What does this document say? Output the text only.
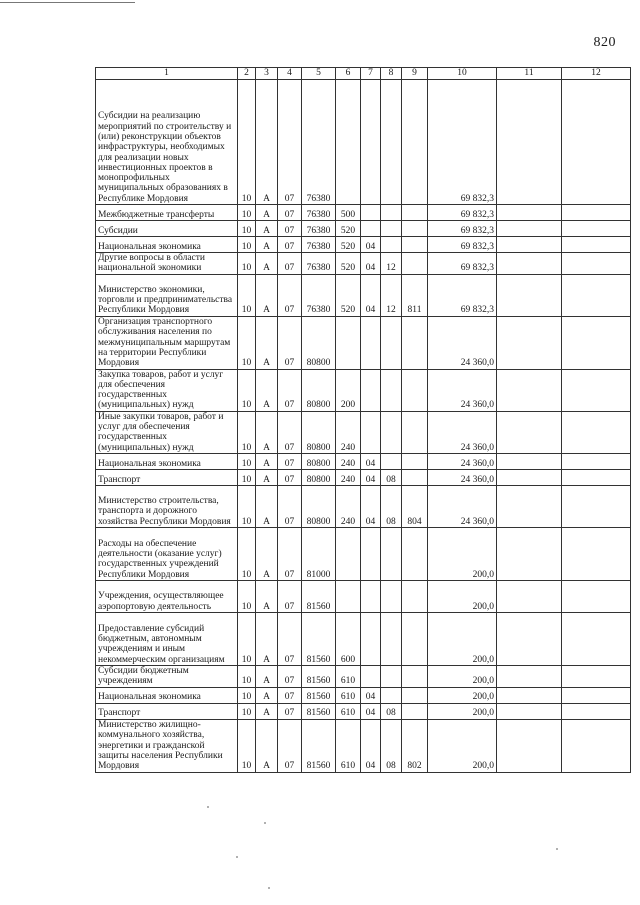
820
1	2	3	4	5	6	7	8	9	10	11	12
Субсидии на реализацию мероприятий по строительству и (или) реконструкции объектов инфраструктуры, необходимых для реализации новых инвестиционных проектов в монопрофильных муниципальных образованиях в Республике Мордовия	10	А	07	76380					69 832,3		
Межбюджетные трансферты	10	А	07	76380	500				69 832,3		
Субсидии	10	А	07	76380	520				69 832,3		
Национальная экономика	10	А	07	76380	520	04			69 832,3		
Другие вопросы в области национальной экономики	10	А	07	76380	520	04	12		69 832,3		
Министерство экономики, торговли и предпринимательства Республики Мордовия	10	А	07	76380	520	04	12	811	69 832,3		
Организация транспортного обслуживания населения по межмуниципальным маршрутам на территории Республики Мордовия	10	А	07	80800					24 360,0		
Закупка товаров, работ и услуг для обеспечения государственных (муниципальных) нужд	10	А	07	80800	200				24 360,0		
Иные закупки товаров, работ и услуг для обеспечения государственных (муниципальных) нужд	10	А	07	80800	240				24 360,0		
Национальная экономика	10	А	07	80800	240	04			24 360,0		
Транспорт	10	А	07	80800	240	04	08		24 360,0		
Министерство строительства, транспорта и дорожного хозяйства Республики Мордовия	10	А	07	80800	240	04	08	804	24 360,0		
Расходы на обеспечение деятельности (оказание услуг) государственных учреждений Республики Мордовия	10	А	07	81000					200,0		
Учреждения, осуществляющее аэропортовую деятельность	10	А	07	81560					200,0		
Предоставление субсидий бюджетным, автономным учреждениям и иным некоммерческим организациям	10	А	07	81560	600				200,0		
Субсидии бюджетным учреждениям	10	А	07	81560	610				200,0		
Национальная экономика	10	А	07	81560	610	04			200,0		
Транспорт	10	А	07	81560	610	04	08		200,0		
Министерство жилищно-коммунального хозяйства, энергетики и гражданской защиты населения Республики Мордовия	10	А	07	81560	610	04	08	802	200,0		
